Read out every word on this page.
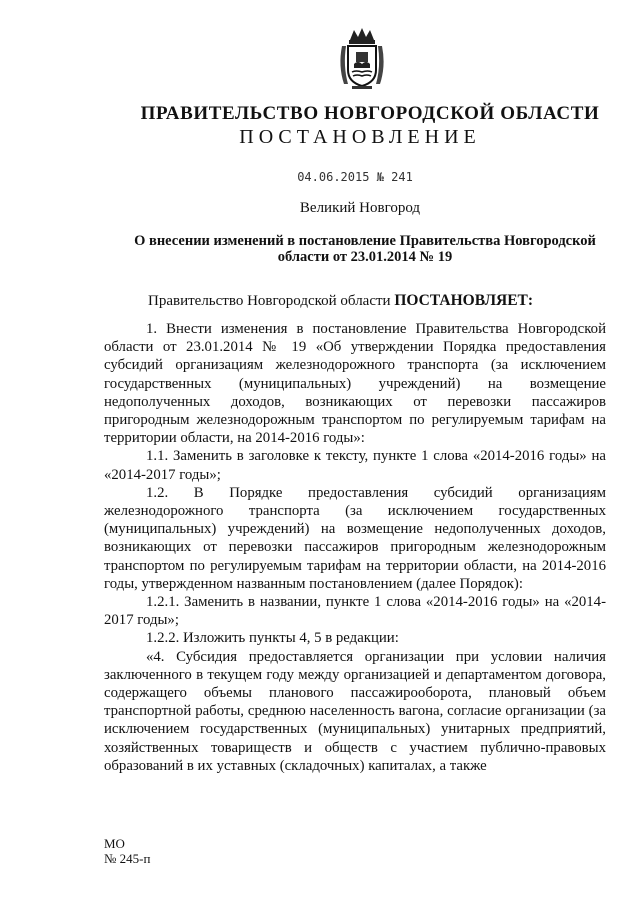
ПРАВИТЕЛЬСТВО НОВГОРОДСКОЙ ОБЛАСТИ
ПОСТАНОВЛЕНИЕ
04.06.2015 № 241
Великий Новгород
О внесении изменений в постановление Правительства Новгородской области от 23.01.2014 № 19
Правительство Новгородской области ПОСТАНОВЛЯЕТ:

1. Внести изменения в постановление Правительства Новгородской области от 23.01.2014 № 19 «Об утверждении Порядка предоставления субсидий организациям железнодорожного транспорта (за исключением государственных (муниципальных) учреждений) на возмещение недополученных доходов, возникающих от перевозки пассажиров пригородным железнодорожным транспортом по регулируемым тарифам на территории области, на 2014-2016 годы»:

1.1. Заменить в заголовке к тексту, пункте 1 слова «2014-2016 годы» на «2014-2017 годы»;

1.2. В Порядке предоставления субсидий организациям железнодорожного транспорта (за исключением государственных (муниципальных) учреждений) на возмещение недополученных доходов, возникающих от перевозки пассажиров пригородным железнодорожным транспортом по регулируемым тарифам на территории области, на 2014-2016 годы, утвержденном названным постановлением (далее Порядок):

1.2.1. Заменить в названии, пункте 1 слова «2014-2016 годы» на «2014-2017 годы»;

1.2.2. Изложить пункты 4, 5 в редакции:

«4. Субсидия предоставляется организации при условии наличия заключенного в текущем году между организацией и департаментом договора, содержащего объемы планового пассажирооборота, плановый объем транспортной работы, среднюю населенность вагона, согласие организации (за исключением государственных (муниципальных) унитарных предприятий, хозяйственных товариществ и обществ с участием публично-правовых образований в их уставных (складочных) капиталах, а также

МО
№ 245-п
